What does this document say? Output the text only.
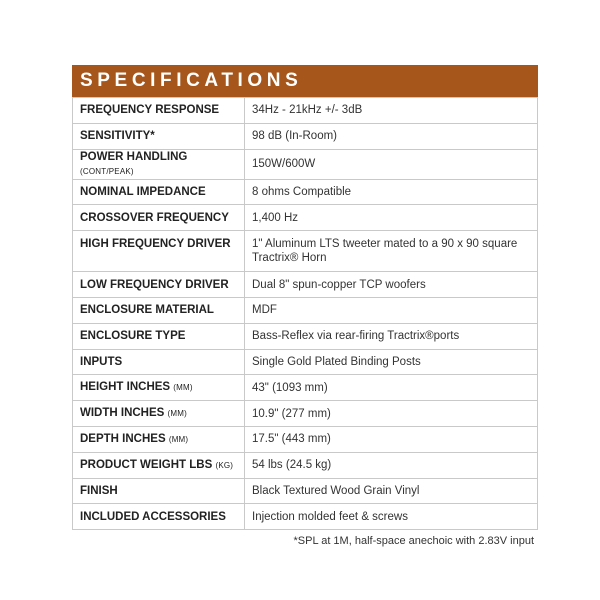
SPECIFICATIONS
FREQUENCY RESPONSE	34Hz - 21kHz +/- 3dB
SENSITIVITY*	98 dB (In-Room)
POWER HANDLING (CONT/PEAK)	150W/600W
NOMINAL IMPEDANCE	8 ohms Compatible
CROSSOVER FREQUENCY	1,400 Hz
HIGH FREQUENCY DRIVER	1" Aluminum LTS tweeter mated to a 90 x 90 square Tractrix® Horn
LOW FREQUENCY DRIVER	Dual 8" spun-copper TCP woofers
ENCLOSURE MATERIAL	MDF
ENCLOSURE TYPE	Bass-Reflex via rear-firing Tractrix®ports
INPUTS	Single Gold Plated Binding Posts
HEIGHT INCHES (MM)	43" (1093 mm)
WIDTH INCHES (MM)	10.9" (277 mm)
DEPTH INCHES (MM)	17.5" (443 mm)
PRODUCT WEIGHT LBS (KG)	54 lbs (24.5 kg)
FINISH	Black Textured Wood Grain Vinyl
INCLUDED ACCESSORIES	Injection molded feet & screws
*SPL at 1M, half-space anechoic with 2.83V input
